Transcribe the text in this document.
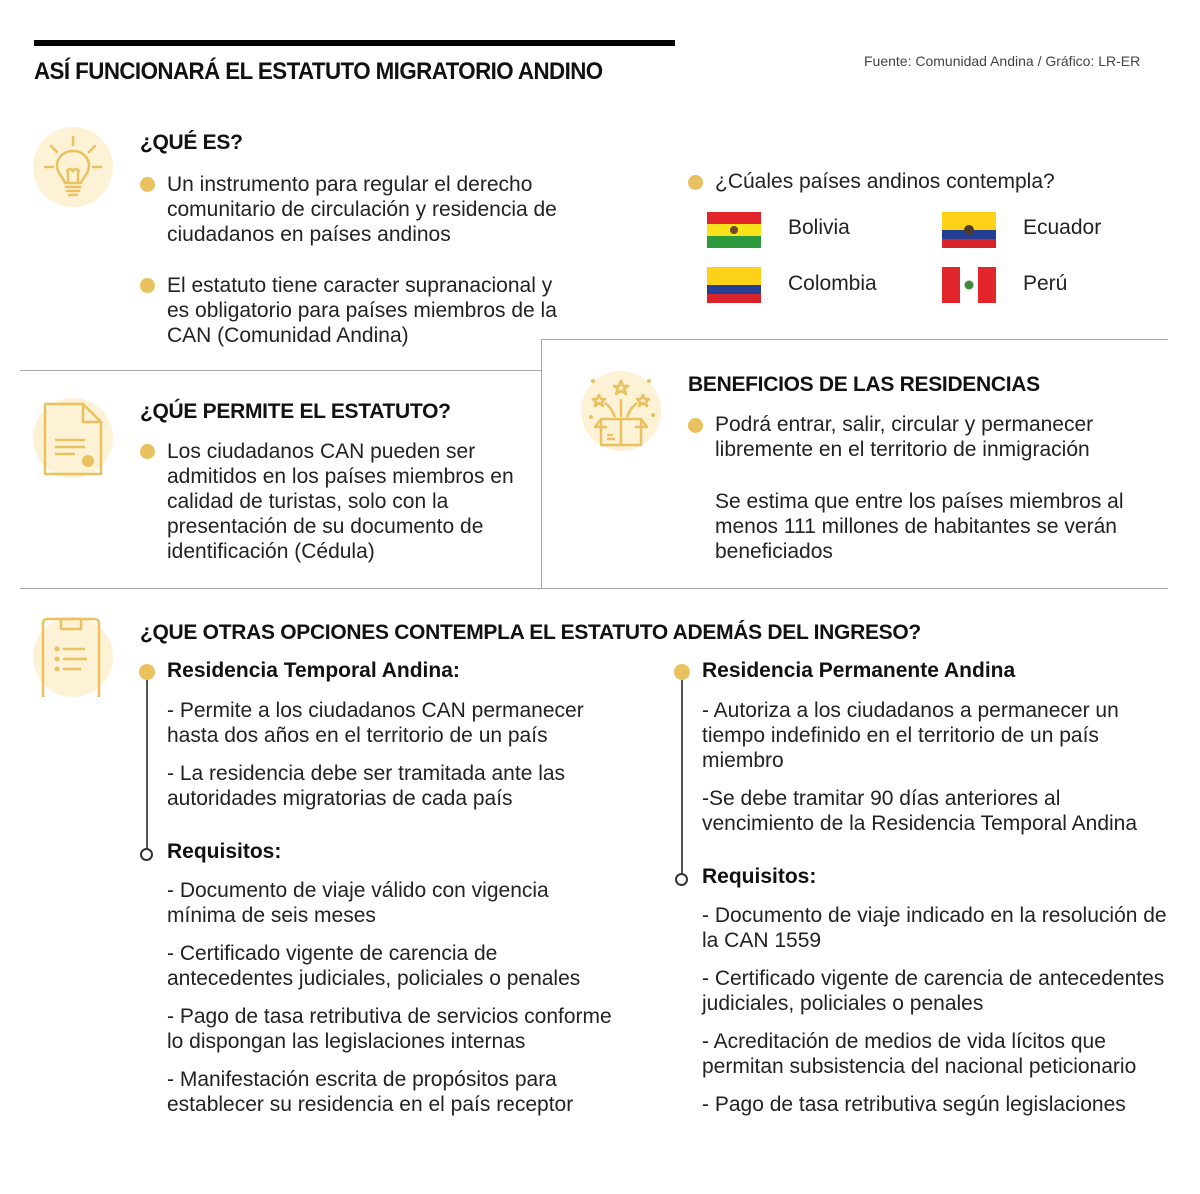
ASÍ FUNCIONARÁ EL ESTATUTO MIGRATORIO ANDINO	Fuente: Comunidad Andina / Gráfico: LR-ER
¿QUÉ ES?
Un instrumento para regular el derecho comunitario de circulación y residencia de ciudadanos en países andinos
El estatuto tiene caracter supranacional y es obligatorio para países miembros de la CAN (Comunidad Andina)
¿Cúales países andinos contempla?
Bolivia	Ecuador
Colombia	Perú
¿QÚE PERMITE EL ESTATUTO?
Los ciudadanos CAN pueden ser admitidos en los países miembros en calidad de turistas, solo con la presentación de su documento de identificación (Cédula)
BENEFICIOS DE LAS RESIDENCIAS
Podrá entrar, salir, circular y permanecer libremente en el territorio de inmigración
Se estima que entre los países miembros al menos 111 millones de habitantes se verán beneficiados
¿QUE OTRAS OPCIONES CONTEMPLA EL ESTATUTO ADEMÁS DEL INGRESO?
Residencia Temporal Andina:

- Permite a los ciudadanos CAN permanecer hasta dos años en el territorio de un país

- La residencia debe ser tramitada ante las autoridades migratorias de cada país

Requisitos:

- Documento de viaje válido con vigencia mínima de seis meses

- Certificado vigente de carencia de antecedentes judiciales, policiales o penales

- Pago de tasa retributiva de servicios conforme lo dispongan las legislaciones internas

- Manifestación escrita de propósitos para establecer su residencia en el país receptor

Residencia Permanente Andina

- Autoriza a los ciudadanos a permanecer un tiempo indefinido en el territorio de un país miembro

-Se debe tramitar 90 días anteriores al vencimiento de la Residencia Temporal Andina

Requisitos:

- Documento de viaje indicado en la resolución de la CAN 1559

- Certificado vigente de carencia de antecedentes judiciales, policiales o penales

- Acreditación de medios de vida lícitos que permitan subsistencia del nacional peticionario

- Pago de tasa retributiva según legislaciones
